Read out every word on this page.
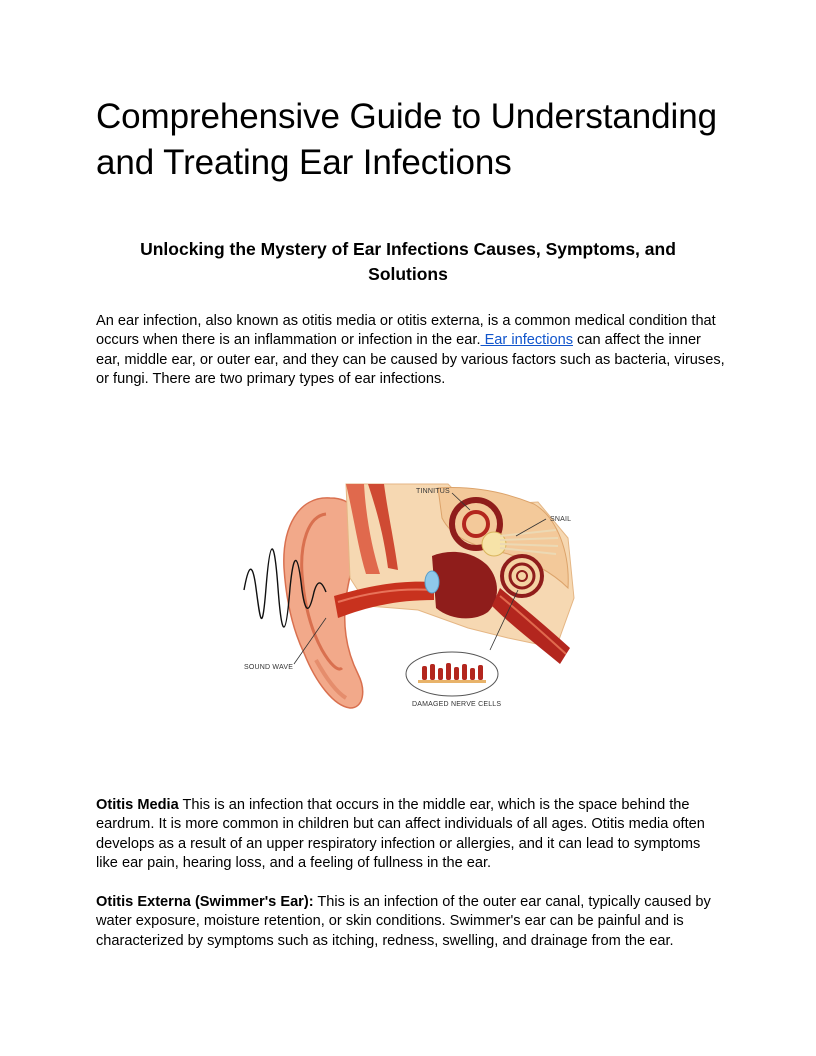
Comprehensive Guide to Understanding
and Treating Ear Infections
Unlocking the Mystery of Ear Infections Causes, Symptoms, and
Solutions

An ear infection, also known as otitis media or otitis externa, is a common medical condition that occurs when there is an inflammation or infection in the ear. Ear infections can affect the inner ear, middle ear, or outer ear, and they can be caused by various factors such as bacteria, viruses, or fungi. There are two primary types of ear infections.

Otitis Media This is an infection that occurs in the middle ear, which is the space behind the eardrum. It is more common in children but can affect individuals of all ages. Otitis media often develops as a result of an upper respiratory infection or allergies, and it can lead to symptoms like ear pain, hearing loss, and a feeling of fullness in the ear.

Otitis Externa (Swimmer's Ear): This is an infection of the outer ear canal, typically caused by water exposure, moisture retention, or skin conditions. Swimmer's ear can be painful and is characterized by symptoms such as itching, redness, swelling, and drainage from the ear.

TINNITUS
SNAIL
SOUND WAVE
DAMAGED NERVE CELLS
